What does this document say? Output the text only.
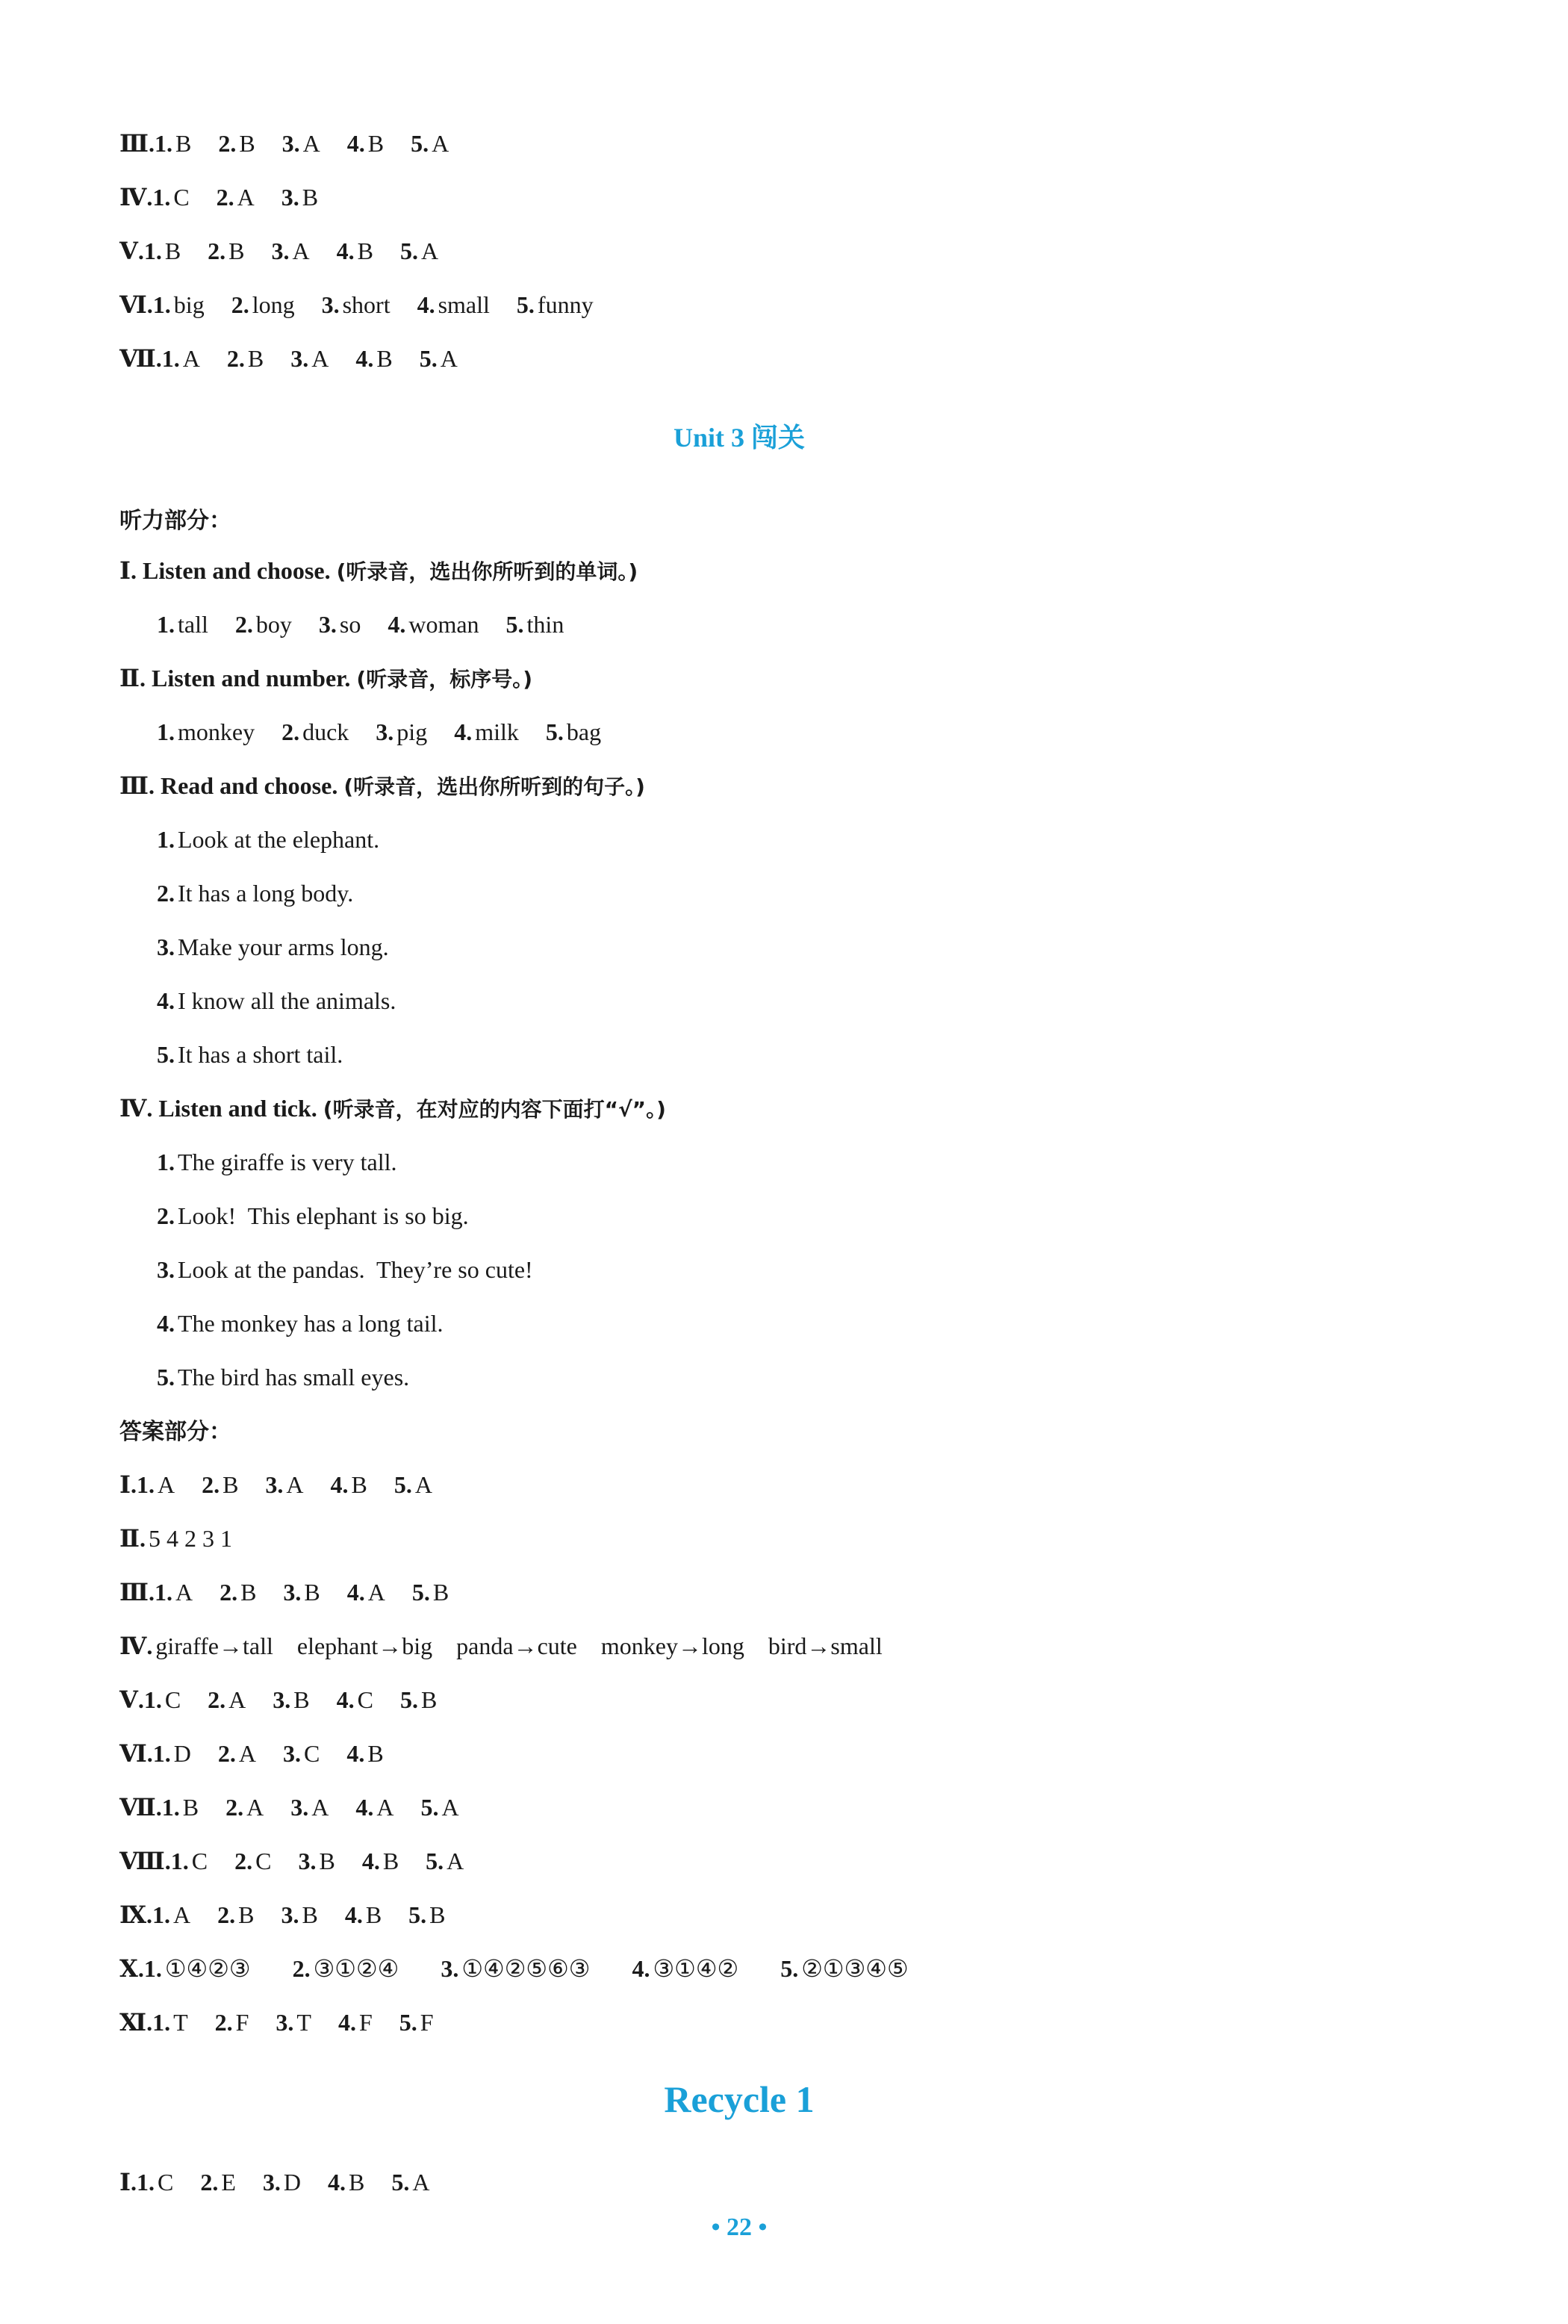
Ⅲ.1. B 2. B 3. A 4. B 5. A
Ⅳ.1. C 2. A 3. B
Ⅴ.1. B 2. B 3. A 4. B 5. A
Ⅵ.1. big 2. long 3. short 4. small 5. funny
Ⅶ.1. A 2. B 3. A 4. B 5. A
Unit 3 闯关
听力部分：
Ⅰ. Listen and choose. (听录音，选出你所听到的单词。)
1. tall 2. boy 3. so 4. woman 5. thin
Ⅱ. Listen and number. (听录音，标序号。)
1. monkey 2. duck 3. pig 4. milk 5. bag
Ⅲ. Read and choose. (听录音，选出你所听到的句子。)
1. Look at the elephant.
2. It has a long body.
3. Make your arms long.
4. I know all the animals.
5. It has a short tail.
Ⅳ. Listen and tick. (听录音，在对应的内容下面打“√”。)
1. The giraffe is very tall.
2. Look!  This elephant is so big.
3. Look at the pandas.  They’re so cute!
4. The monkey has a long tail.
5. The bird has small eyes.
答案部分：
Ⅰ.1. A 2. B 3. A 4. B 5. A
Ⅱ. 5 4 2 3 1
Ⅲ.1. A 2. B 3. B 4. A 5. B
Ⅳ. giraffe→tall    elephant→big    panda→cute    monkey→long    bird→small
Ⅴ.1. C 2. A 3. B 4. C 5. B
Ⅵ.1. D 2. A 3. C 4. B
Ⅶ.1. B 2. A 3. A 4. A 5. A
Ⅷ.1. C 2. C 3. B 4. B 5. A
Ⅸ.1. A 2. B 3. B 4. B 5. B
Ⅹ.1. ①④②③ 2. ③①②④ 3. ①④②⑤⑥③ 4. ③①④② 5. ②①③④⑤
Ⅺ.1. T 2. F 3. T 4. F 5. F
Recycle 1
Ⅰ.1. C 2. E 3. D 4. B 5. A
• 22 •
